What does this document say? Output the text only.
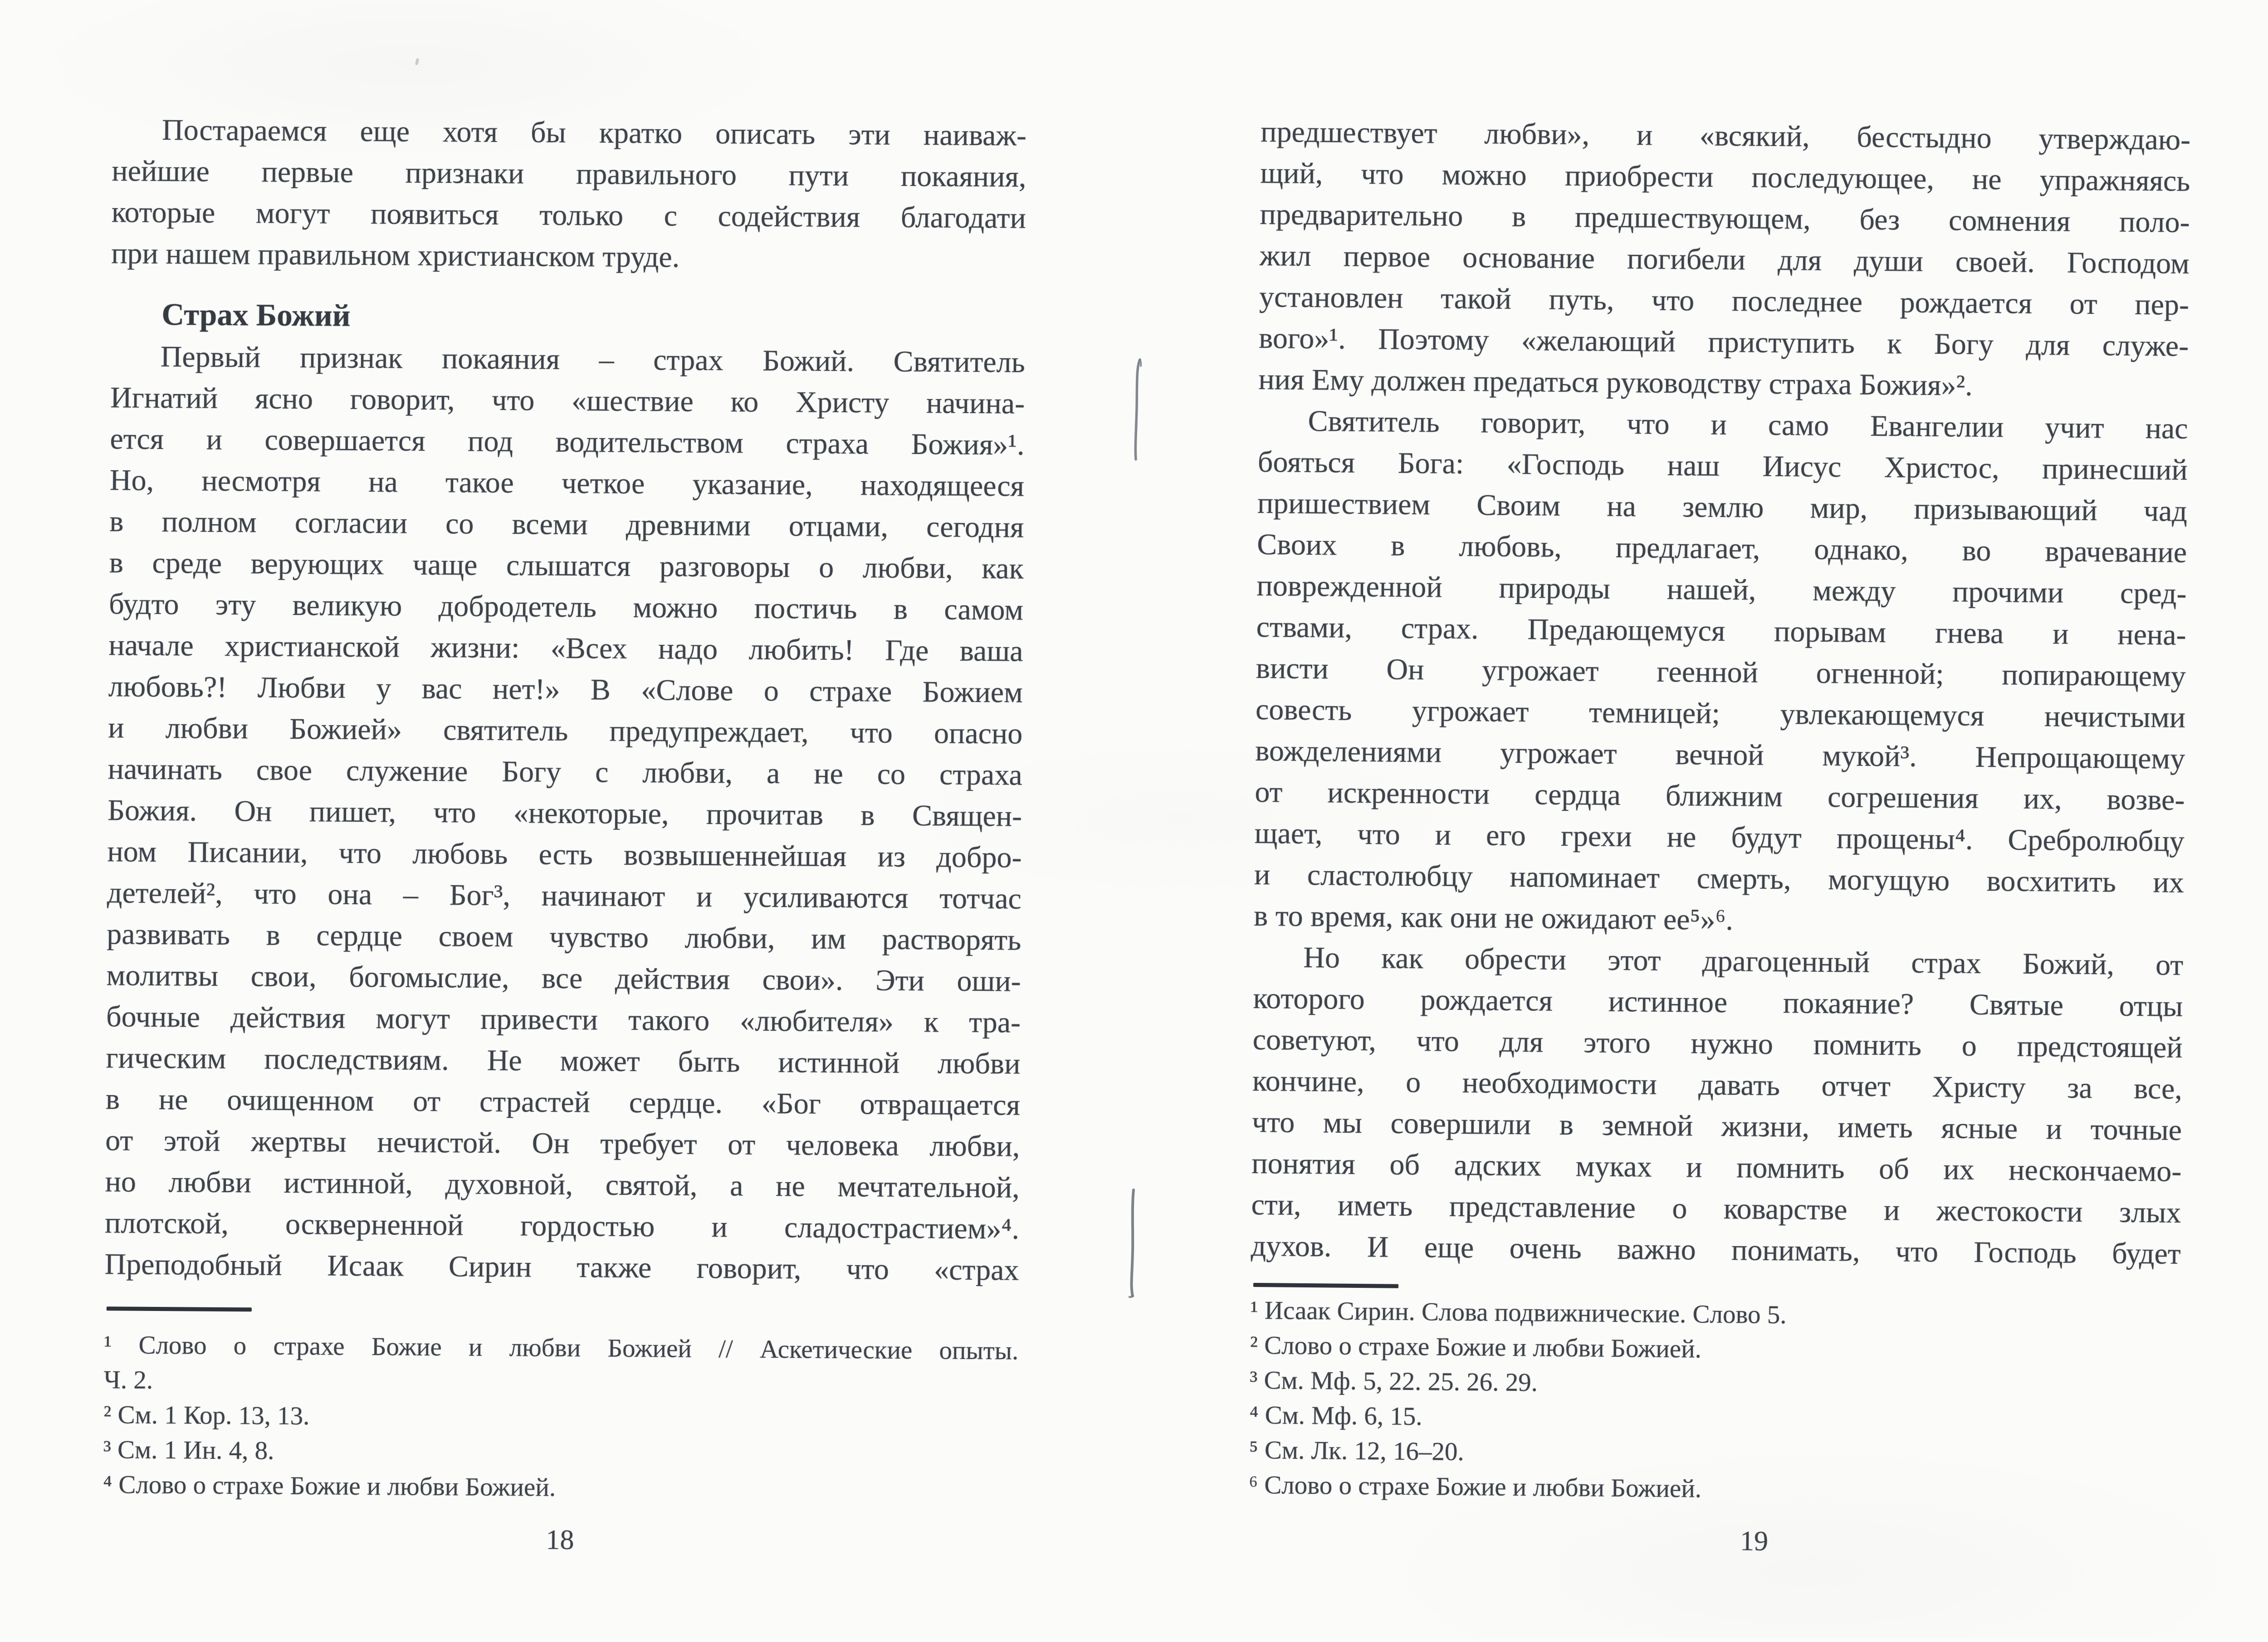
Постараемся еще хотя бы кратко описать эти наиваж-
нейшие первые признаки правильного пути покаяния,
которые могут появиться только с содействия благодати
при нашем правильном христианском труде.
Страх Божий
Первый признак покаяния – страх Божий. Святитель
Игнатий ясно говорит, что «шествие ко Христу начина-
ется и совершается под водительством страха Божия»¹.
Но, несмотря на такое четкое указание, находящееся
в полном согласии со всеми древними отцами, сегодня
в среде верующих чаще слышатся разговоры о любви, как
будто эту великую добродетель можно постичь в самом
начале христианской жизни: «Всех надо любить! Где ваша
любовь?! Любви у вас нет!» В «Слове о страхе Божием
и любви Божией» святитель предупреждает, что опасно
начинать свое служение Богу с любви, а не со страха
Божия. Он пишет, что «некоторые, прочитав в Священ-
ном Писании, что любовь есть возвышеннейшая из добро-
детелей², что она – Бог³, начинают и усиливаются тотчас
развивать в сердце своем чувство любви, им растворять
молитвы свои, богомыслие, все действия свои». Эти оши-
бочные действия могут привести такого «любителя» к тра-
гическим последствиям. Не может быть истинной любви
в не очищенном от страстей сердце. «Бог отвращается
от этой жертвы нечистой. Он требует от человека любви,
но любви истинной, духовной, святой, а не мечтательной,
плотской, оскверненной гордостью и сладострастием»⁴.
Преподобный Исаак Сирин также говорит, что «страх
¹ Слово о страхе Божие и любви Божией // Аскетические опыты.
Ч. 2.
² См. 1 Кор. 13, 13.
³ См. 1 Ин. 4, 8.
⁴ Слово о страхе Божие и любви Божией.
18
предшествует любви», и «всякий, бесстыдно утверждаю-
щий, что можно приобрести последующее, не упражняясь
предварительно в предшествующем, без сомнения поло-
жил первое основание погибели для души своей. Господом
установлен такой путь, что последнее рождается от пер-
вого»¹. Поэтому «желающий приступить к Богу для служе-
ния Ему должен предаться руководству страха Божия»².
Святитель говорит, что и само Евангелии учит нас
бояться Бога: «Господь наш Иисус Христос, принесший
пришествием Своим на землю мир, призывающий чад
Своих в любовь, предлагает, однако, во врачевание
поврежденной природы нашей, между прочими сред-
ствами, страх. Предающемуся порывам гнева и нена-
висти Он угрожает геенной огненной; попирающему
совесть угрожает темницей; увлекающемуся нечистыми
вожделениями угрожает вечной мукой³. Непрощающему
от искренности сердца ближним согрешения их, возве-
щает, что и его грехи не будут прощены⁴. Сребролюбцу
и сластолюбцу напоминает смерть, могущую восхитить их
в то время, как они не ожидают ее⁵»⁶.
Но как обрести этот драгоценный страх Божий, от
которого рождается истинное покаяние? Святые отцы
советуют, что для этого нужно помнить о предстоящей
кончине, о необходимости давать отчет Христу за все,
что мы совершили в земной жизни, иметь ясные и точные
понятия об адских муках и помнить об их нескончаемо-
сти, иметь представление о коварстве и жестокости злых
духов. И еще очень важно понимать, что Господь будет
¹ Исаак Сирин. Слова подвижнические. Слово 5.
² Слово о страхе Божие и любви Божией.
³ См. Мф. 5, 22. 25. 26. 29.
⁴ См. Мф. 6, 15.
⁵ См. Лк. 12, 16–20.
⁶ Слово о страхе Божие и любви Божией.
19
